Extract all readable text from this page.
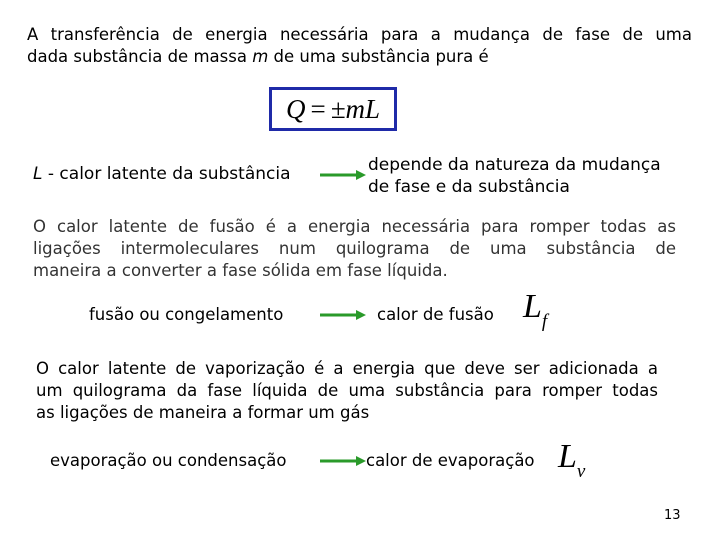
A transferência de energia necessária para a mudança de fase de uma
dada substância de massa m de uma substância pura é
Q = ±mL
L - calor latente da substância	depende da natureza da mudança
de fase e da substância
O calor latente de fusão é a energia necessária para romper todas as
ligações intermoleculares num quilograma de uma substância de
maneira a converter a fase sólida em fase líquida.
fusão ou congelamento	calor de fusão $L_f$
O calor latente de vaporização é a energia que deve ser adicionada a
um quilograma da fase líquida de uma substância para romper todas
as ligações de maneira a formar um gás
evaporação ou condensação	calor de evaporação $L_v$
13
